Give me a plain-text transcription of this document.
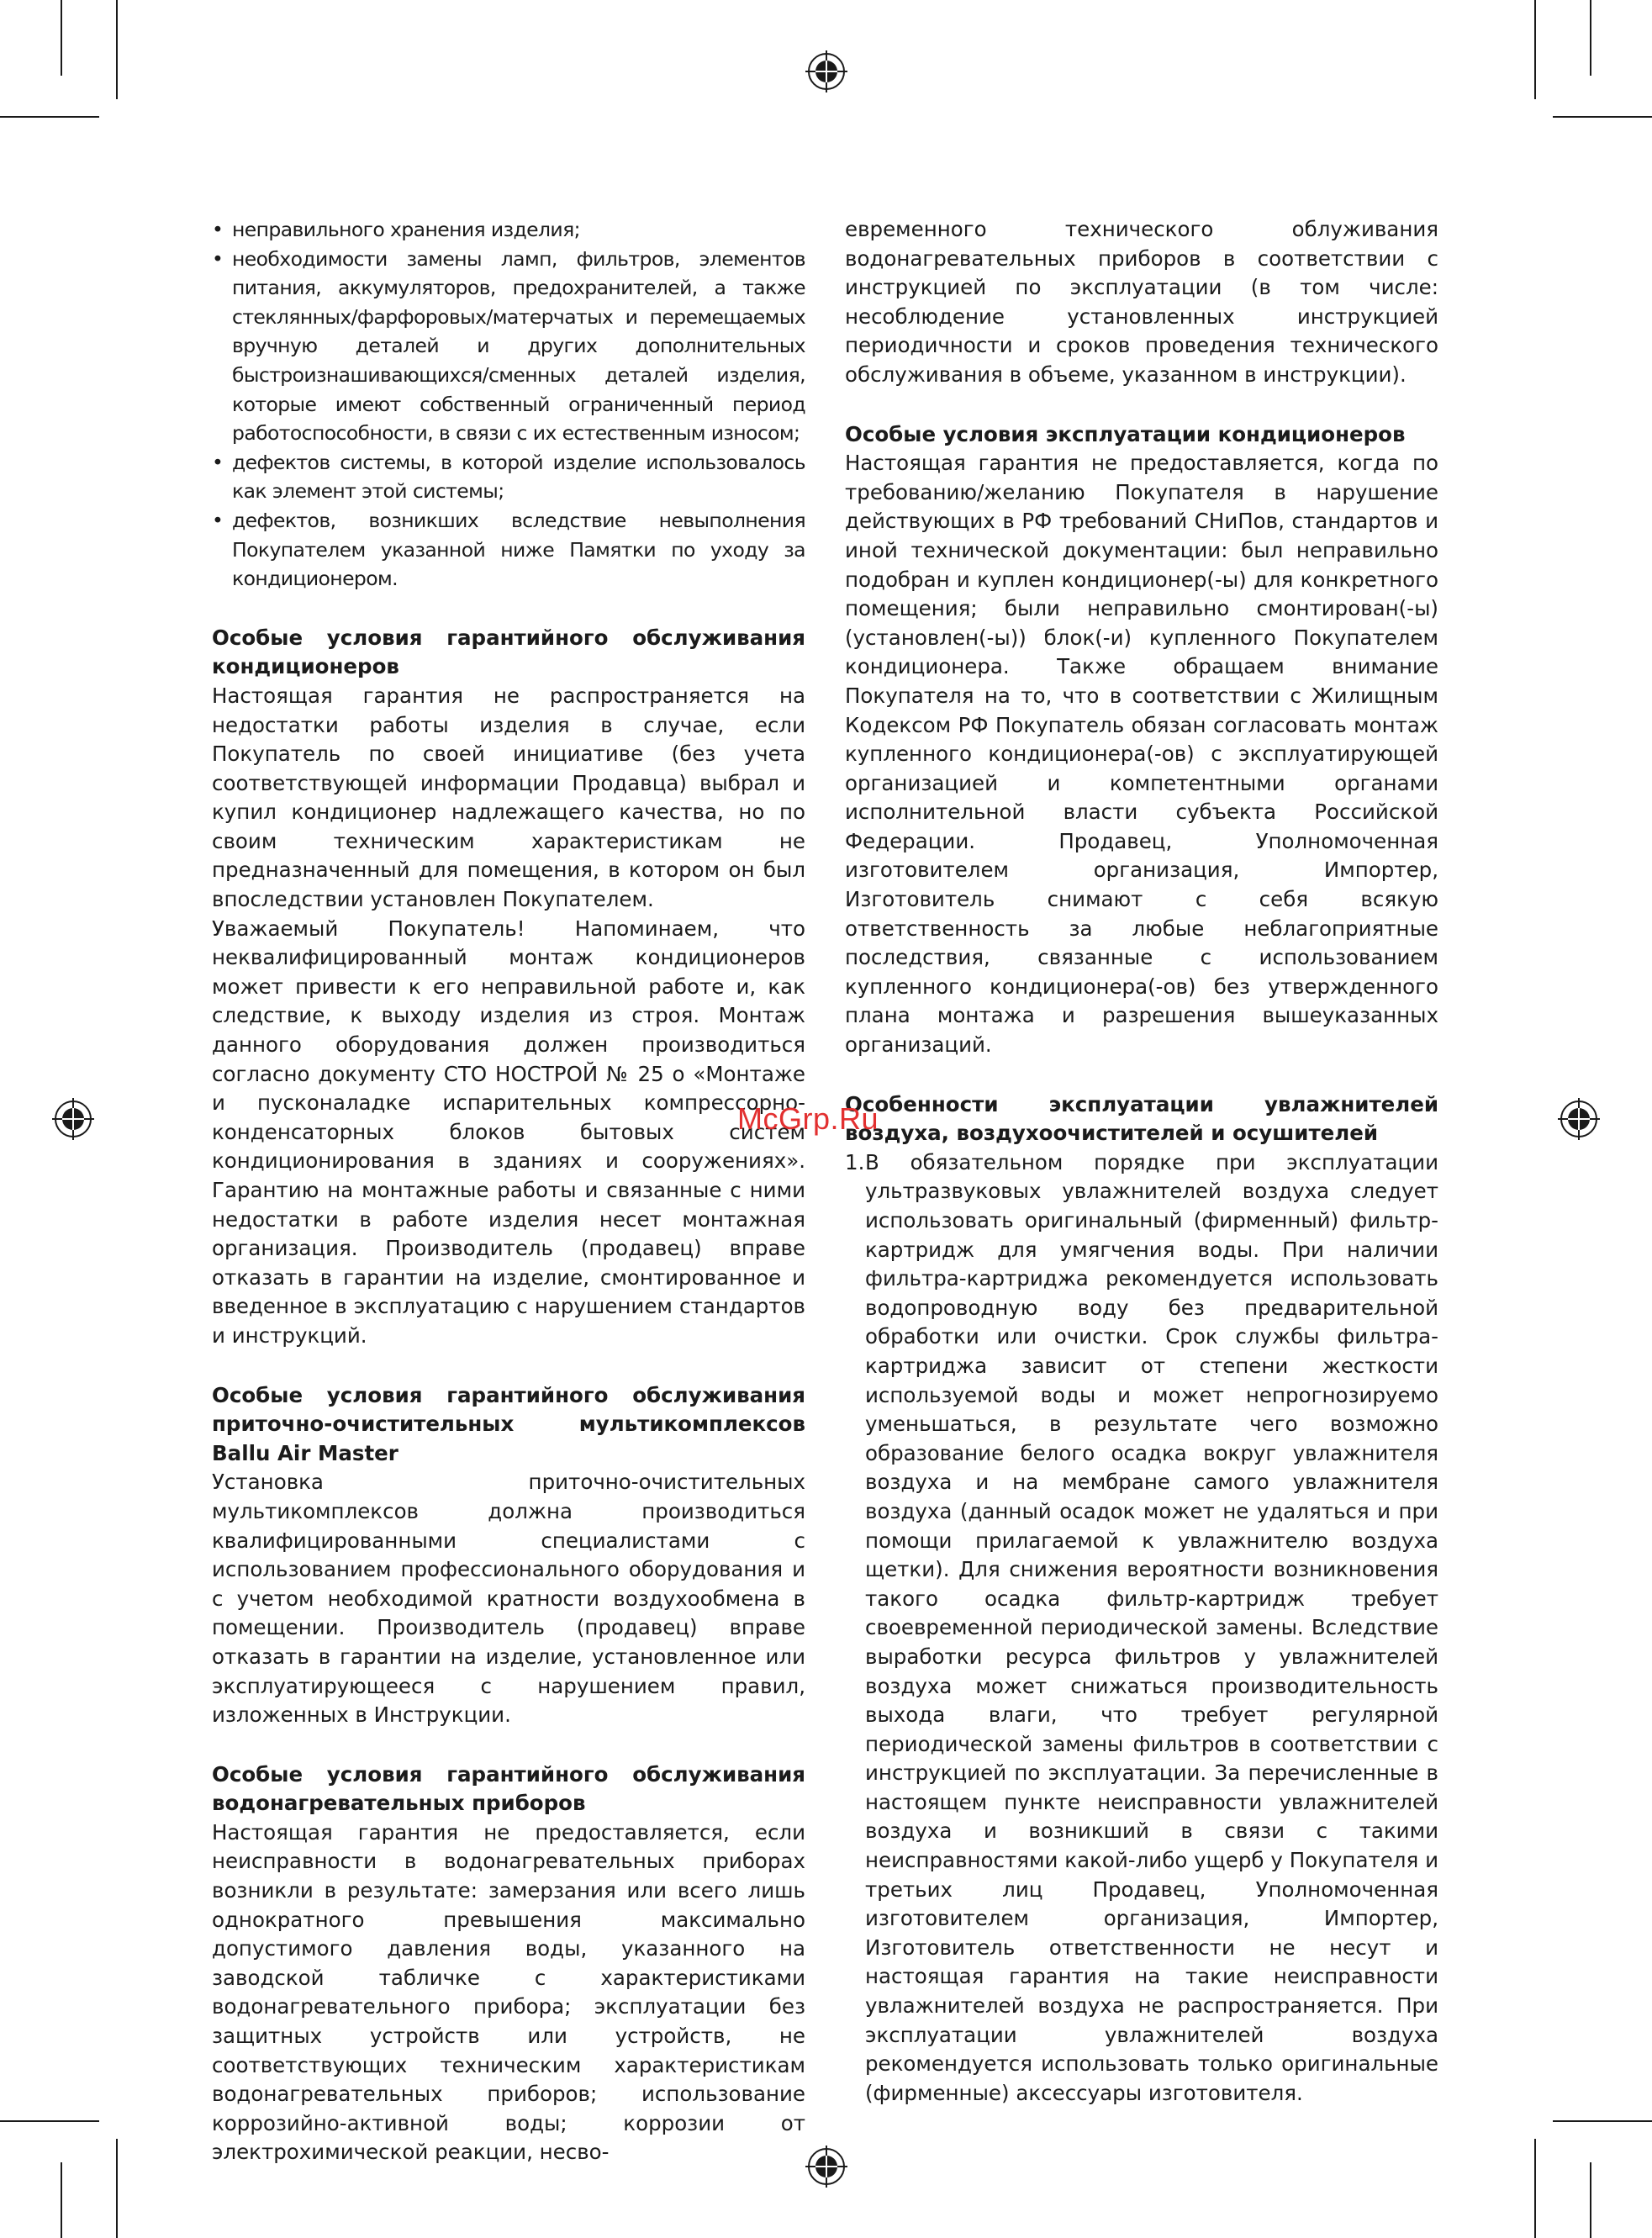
• неправильного хранения изделия;
• необходимости замены ламп, фильтров, элементов питания, аккумуляторов, предохранителей, а также стеклянных/фарфоровых/матерчатых и перемещаемых вручную деталей и других дополнительных быстроизнашивающихся/сменных деталей изделия, которые имеют собственный ограниченный период работоспособности, в связи с их естественным износом;
• дефектов системы, в которой изделие использовалось как элемент этой системы;
• дефектов, возникших вследствие невыполнения Покупателем указанной ниже Памятки по уходу за кондиционером.

Особые условия гарантийного обслуживания кондиционеров

Настоящая гарантия не распространяется на недостатки работы изделия в случае, если Покупатель по своей инициативе (без учета соответствующей информации Продавца) выбрал и купил кондиционер надлежащего качества, но по своим техническим характеристикам не предназначенный для помещения, в котором он был впоследствии установлен Покупателем.

Уважаемый Покупатель! Напоминаем, что неквалифицированный монтаж кондиционеров может привести к его неправильной работе и, как следствие, к выходу изделия из строя. Монтаж данного оборудования должен производиться согласно документу СТО НОСТРОЙ № 25 о «Монтаже и пусконаладке испарительных компрессорно-конденсаторных блоков бытовых систем кондиционирования в зданиях и сооружениях». Гарантию на монтажные работы и связанные с ними недостатки в работе изделия несет монтажная организация. Производитель (продавец) вправе отказать в гарантии на изделие, смонтированное и введенное в эксплуатацию с нарушением стандартов и инструкций.

Особые условия гарантийного обслуживания приточно-очистительных мультикомплексов Ballu Air Master

Установка приточно-очистительных мультикомплексов должна производиться квалифицированными специалистами с использованием профессионального оборудования и с учетом необходимой кратности воздухообмена в помещении. Производитель (продавец) вправе отказать в гарантии на изделие, установленное или эксплуатирующееся с нарушением правил, изложенных в Инструкции.

Особые условия гарантийного обслуживания водонагревательных приборов

Настоящая гарантия не предоставляется, если неисправности в водонагревательных приборах возникли в результате: замерзания или всего лишь однократного превышения максимально допустимого давления воды, указанного на заводской табличке с характеристиками водонагревательного прибора; эксплуатации без защитных устройств или устройств, не соответствующих техническим характеристикам водонагревательных приборов; использование коррозийно-активной воды; коррозии от электрохимической реакции, несво-

евременного технического облуживания водонагревательных приборов в соответствии с инструкцией по эксплуатации (в том числе: несоблюдение установленных инструкцией периодичности и сроков проведения технического обслуживания в объеме, указанном в инструкции).

Особые условия эксплуатации кондиционеров

Настоящая гарантия не предоставляется, когда по требованию/желанию Покупателя в нарушение действующих в РФ требований СНиПов, стандартов и иной технической документации: был неправильно подобран и куплен кондиционер(-ы) для конкретного помещения; были неправильно смонтирован(-ы) (установлен(-ы)) блок(-и) купленного Покупателем кондиционера. Также обращаем внимание Покупателя на то, что в соответствии с Жилищным Кодексом РФ Покупатель обязан согласовать монтаж купленного кондиционера(-ов) с эксплуатирующей организацией и компетентными органами исполнительной власти субъекта Российской Федерации. Продавец, Уполномоченная изготовителем организация, Импортер, Изготовитель снимают с себя всякую ответственность за любые неблагоприятные последствия, связанные с использованием купленного кондиционера(-ов) без утвержденного плана монтажа и разрешения вышеуказанных организаций.

Особенности эксплуатации увлажнителей воздуха, воздухоочистителей и осушителей

1.В обязательном порядке при эксплуатации ультразвуковых увлажнителей воздуха следует использовать оригинальный (фирменный) фильтр-картридж для умягчения воды. При наличии фильтра-картриджа рекомендуется использовать водопроводную воду без предварительной обработки или очистки. Срок службы фильтра-картриджа зависит от степени жесткости используемой воды и может непрогнозируемо уменьшаться, в результате чего возможно образование белого осадка вокруг увлажнителя воздуха и на мембране самого увлажнителя воздуха (данный осадок может не удаляться и при помощи прилагаемой к увлажнителю воздуха щетки). Для снижения вероятности возникновения такого осадка фильтр-картридж требует своевременной периодической замены. Вследствие выработки ресурса фильтров у увлажнителей воздуха может снижаться производительность выхода влаги, что требует регулярной периодической замены фильтров в соответствии с инструкцией по эксплуатации. За перечисленные в настоящем пункте неисправности увлажнителей воздуха и возникший в связи с такими неисправностями какой-либо ущерб у Покупателя и третьих лиц Продавец, Уполномоченная изготовителем организация, Импортер, Изготовитель ответственности не несут и настоящая гарантия на такие неисправности увлажнителей воздуха не распространяется. При эксплуатации увлажнителей воздуха рекомендуется использовать только оригинальные (фирменные) аксессуары изготовителя.
McGrp.Ru
